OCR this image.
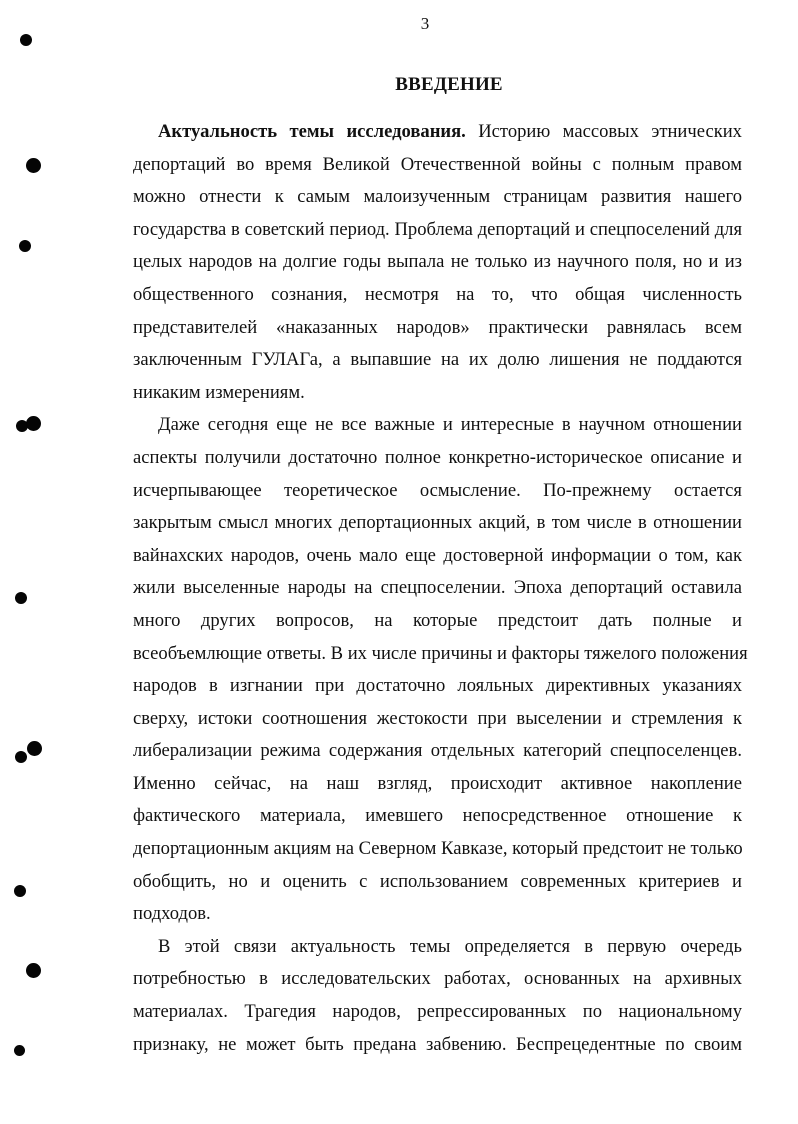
3
ВВЕДЕНИЕ
Актуальность темы исследования. Историю массовых этнических
депортаций во время Великой Отечественной войны с полным правом
можно отнести к самым малоизученным страницам развития нашего
государства в советский период. Проблема депортаций и спецпоселений для
целых народов на долгие годы выпала не только из научного поля, но и из
общественного сознания, несмотря на то, что общая численность
представителей «наказанных народов» практически равнялась всем
заключенным ГУЛАГа, а выпавшие на их долю лишения не поддаются
никаким измерениям.
Даже сегодня еще не все важные и интересные в научном отношении
аспекты получили достаточно полное конкретно-историческое описание и
исчерпывающее теоретическое осмысление. По-прежнему остается
закрытым смысл многих депортационных акций, в том числе в отношении
вайнахских народов, очень мало еще достоверной информации о том, как
жили выселенные народы на спецпоселении. Эпоха депортаций оставила
много других вопросов, на которые предстоит дать полные и
всеобъемлющие ответы. В их числе причины и факторы тяжелого положения
народов в изгнании при достаточно лояльных директивных указаниях
сверху, истоки соотношения жестокости при выселении и стремления к
либерализации режима содержания отдельных категорий спецпоселенцев.
Именно сейчас, на наш взгляд, происходит активное накопление
фактического материала, имевшего непосредственное отношение к
депортационным акциям на Северном Кавказе, который предстоит не только
обобщить, но и оценить с использованием современных критериев и
подходов.
В этой связи актуальность темы определяется в первую очередь
потребностью в исследовательских работах, основанных на архивных
материалах. Трагедия народов, репрессированных по национальному
признаку, не может быть предана забвению. Беспрецедентные по своим
